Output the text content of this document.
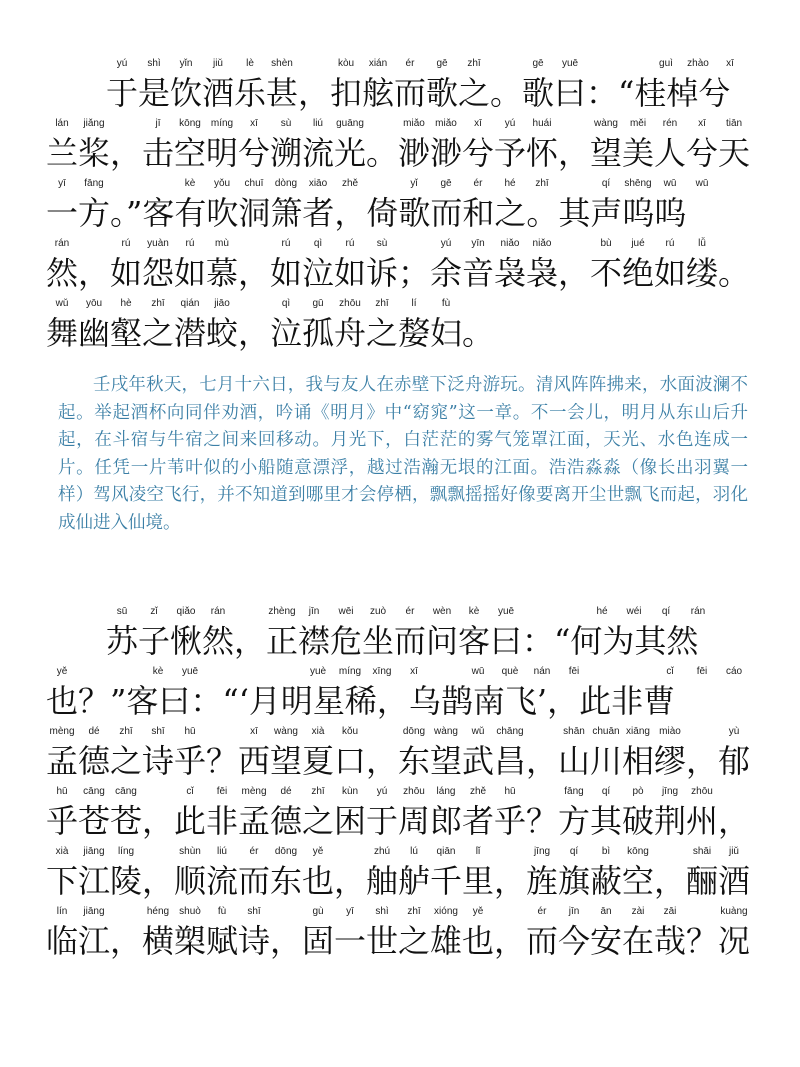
yú	shì	yǐn	jiǔ	lè	shèn	kòu	xián	ér	gē	zhī	gē	yuē	guì	zhào	xī
于是饮酒乐甚，扣舷而歌之。歌曰：“桂棹兮
lán	jiǎng	jī	kōng	míng	xī	sù	liú	guāng	miǎo	miǎo	xī	yú	huái	wàng	měi	rén	xī	tiān
兰桨，击空明兮溯流光。渺渺兮予怀，望美人兮天
yī	fāng	kè	yǒu	chuī	dòng	xiāo	zhě	yǐ	gē	ér	hé	zhī	qí	shēng	wū	wū
一方。”客有吹洞箫者，倚歌而和之。其声呜呜
rán	rú	yuàn	rú	mù	rú	qì	rú	sù	yú	yīn	niǎo	niǎo	bù	jué	rú	lǚ
然，如怨如慕，如泣如诉；余音袅袅，不绝如缕。
wǔ	yōu	hè	zhī	qián	jiāo	qì	gū	zhōu	zhī	lí	fù
舞幽壑之潜蛟，泣孤舟之嫠妇。
壬戌年秋天，七月十六日，我与友人在赤壁下泛舟游玩。清风阵阵拂来，水面波澜不起。举起酒杯向同伴劝酒，吟诵《明月》中“窈窕”这一章。不一会儿，明月从东山后升起，在斗宿与牛宿之间来回移动。月光下，白茫茫的雾气笼罩江面，天光、水色连成一片。任凭一片苇叶似的小船随意漂浮，越过浩瀚无垠的江面。浩浩淼淼（像长出羽翼一样）驾风凌空飞行，并不知道到哪里才会停栖，飘飘摇摇好像要离开尘世飘飞而起，羽化成仙进入仙境。
sū	zǐ	qiǎo	rán	zhèng	jīn	wēi	zuò	ér	wèn	kè	yuē	hé	wéi	qí	rán
苏子愀然，正襟危坐而问客曰：“何为其然
yě	kè	yuē	yuè	míng	xīng	xī	wū	què	nán	fēi	cǐ	fēi	cáo
也？”客曰：“‘月明星稀，乌鹊南飞’，此非曹
mèng	dé	zhī	shī	hū	xī	wàng	xià	kǒu	dōng wàng	wǔ	chāng	shān chuān xiāng miào	yù
孟德之诗乎？西望夏口，东望武昌，山川相缪，郁
hū	cāng	cāng	cǐ	fēi	mèng	dé	zhī	kùn	yú	zhōu	láng	zhě	hū	fāng	qí	pò	jīng	zhōu
乎苍苍，此非孟德之困于周郎者乎？方其破荆州，
xià	jiāng	líng	shùn	liú	ér	dōng	yě	zhú	lú	qiān	lǐ	jīng	qí	bì	kōng	shāi	jiǔ
下江陵，顺流而东也，舳舻千里，旌旗蔽空，酾酒
lín	jiāng	héng	shuò	fù	shī	gù	yī	shì	zhī	xióng	yě	ér	jīn	ān	zài	zāi	kuàng
临江，横槊赋诗，固一世之雄也，而今安在哉？况
